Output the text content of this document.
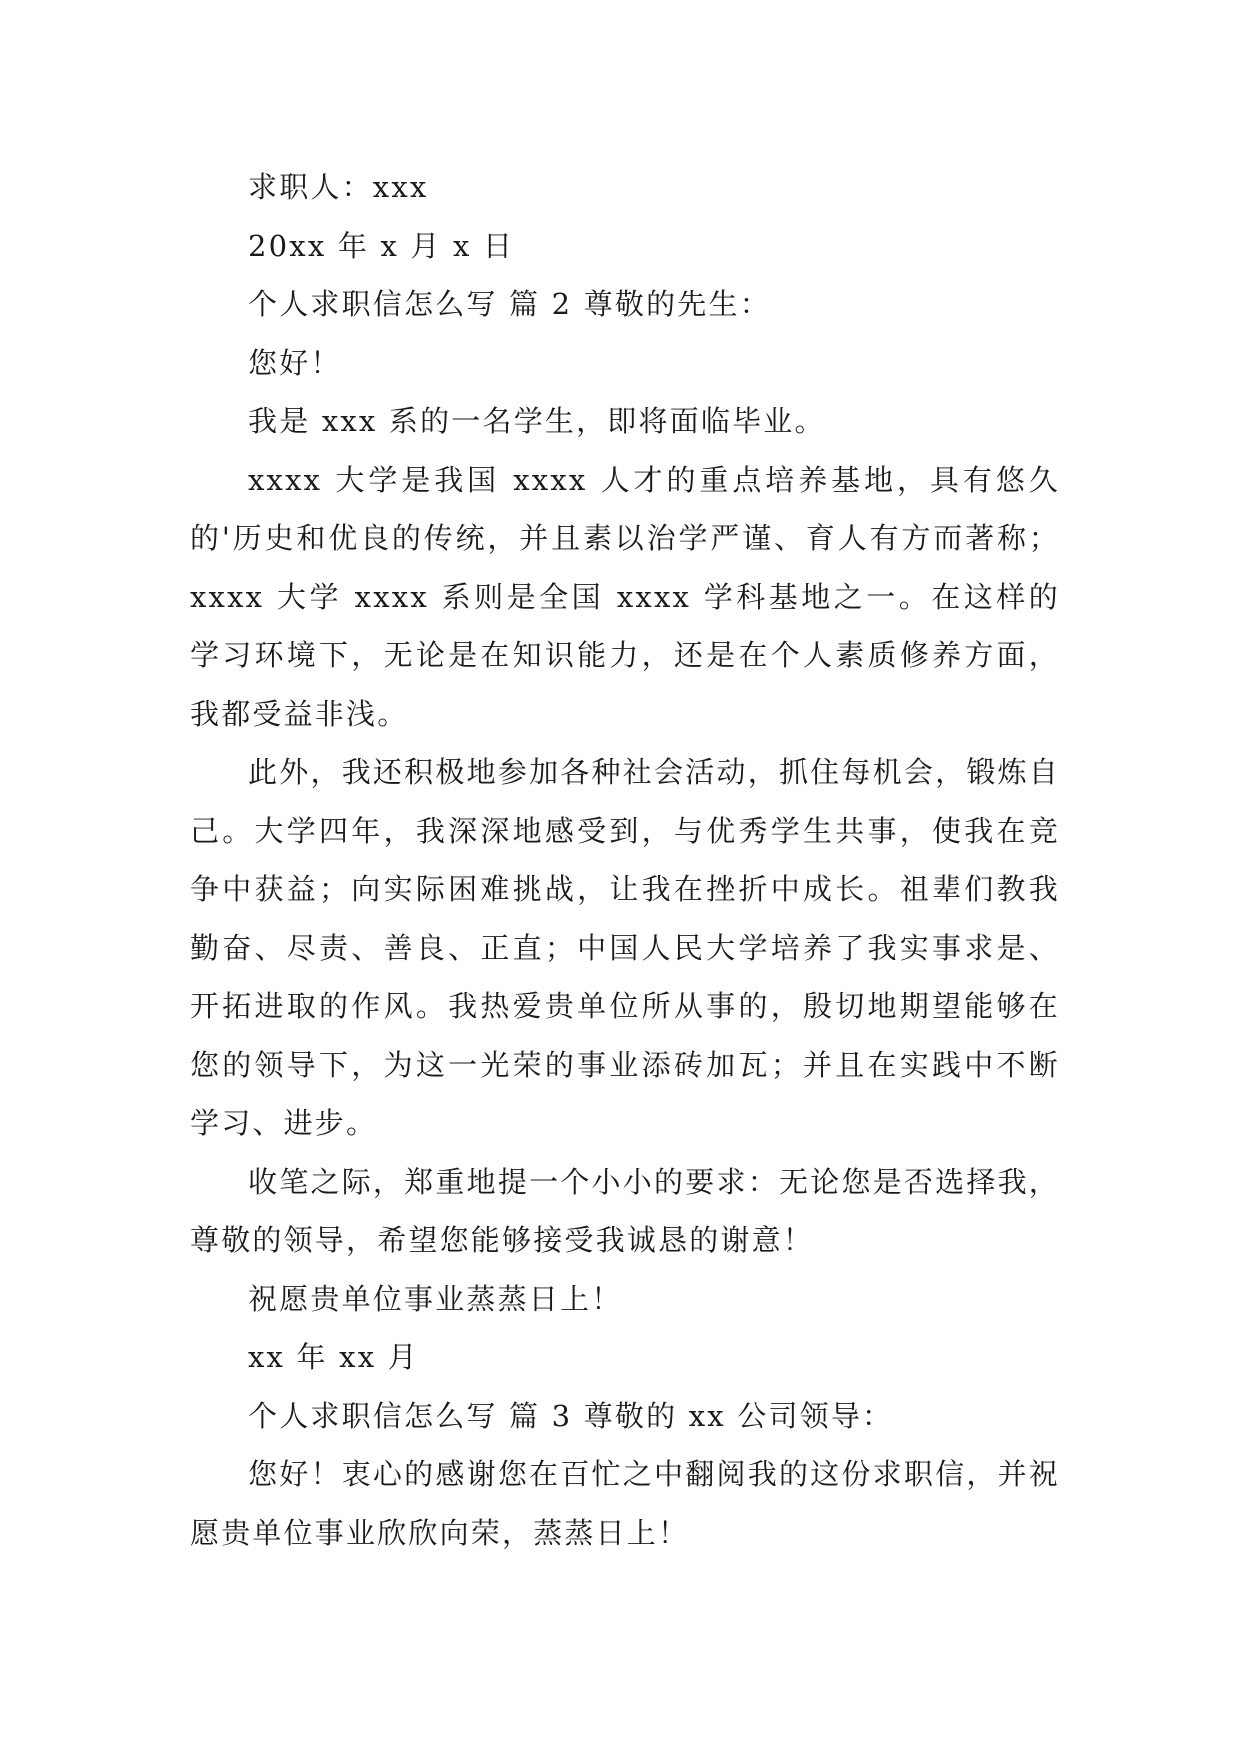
求职人：xxx

20xx 年 x 月 x 日

个人求职信怎么写 篇 2 尊敬的先生：

您好！

我是 xxx 系的一名学生，即将面临毕业。

xxxx 大学是我国 xxxx 人才的重点培养基地，具有悠久的'历史和优良的传统，并且素以治学严谨、育人有方而著称；xxxx 大学 xxxx 系则是全国 xxxx 学科基地之一。在这样的学习环境下，无论是在知识能力，还是在个人素质修养方面，我都受益非浅。

此外，我还积极地参加各种社会活动，抓住每机会，锻炼自己。大学四年，我深深地感受到，与优秀学生共事，使我在竞争中获益；向实际困难挑战，让我在挫折中成长。祖辈们教我勤奋、尽责、善良、正直；中国人民大学培养了我实事求是、开拓进取的作风。我热爱贵单位所从事的，殷切地期望能够在您的领导下，为这一光荣的事业添砖加瓦；并且在实践中不断学习、进步。

收笔之际，郑重地提一个小小的要求：无论您是否选择我，尊敬的领导，希望您能够接受我诚恳的谢意！

祝愿贵单位事业蒸蒸日上！

xx 年 xx 月

个人求职信怎么写 篇 3 尊敬的 xx 公司领导：

您好！衷心的感谢您在百忙之中翻阅我的这份求职信，并祝愿贵单位事业欣欣向荣，蒸蒸日上！
